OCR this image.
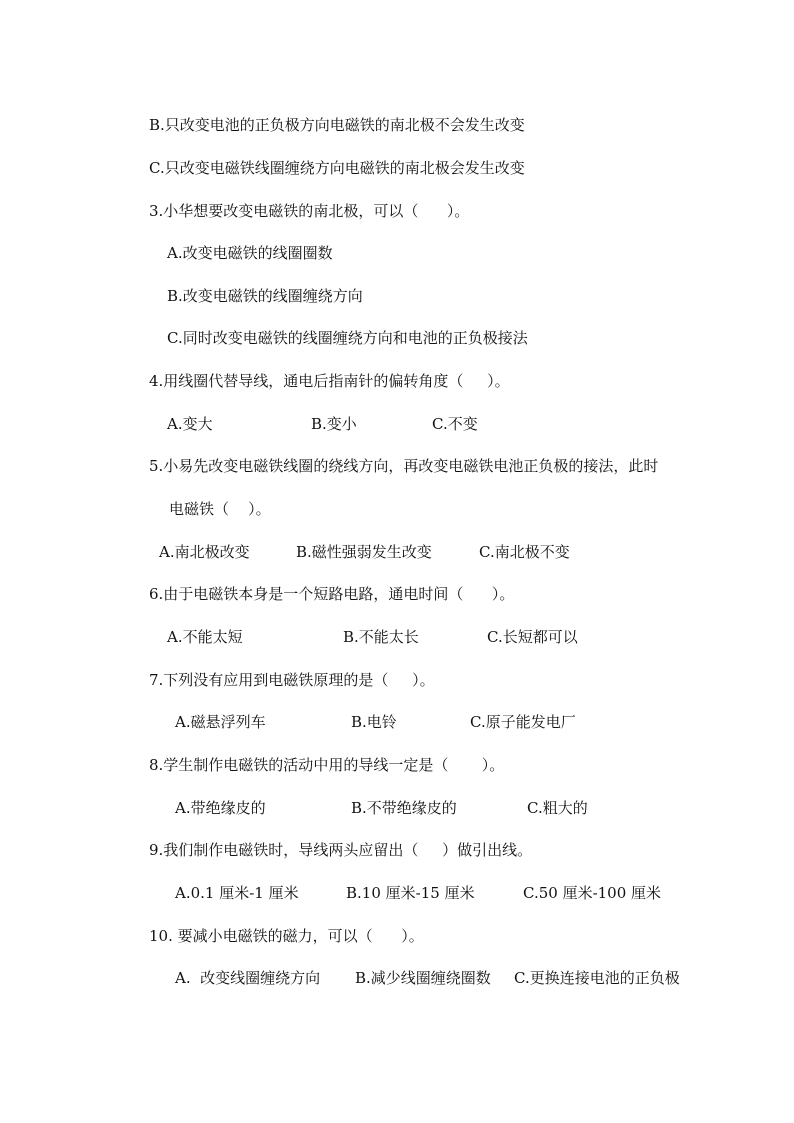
B.只改变电池的正负极方向电磁铁的南北极不会发生改变
C.只改变电磁铁线圈缠绕方向电磁铁的南北极会发生改变
3.小华想要改变电磁铁的南北极，可以（      ）。
A.改变电磁铁的线圈圈数
B.改变电磁铁的线圈缠绕方向
C.同时改变电磁铁的线圈缠绕方向和电池的正负极接法
4.用线圈代替导线，通电后指南针的偏转角度（     ）。
A.变大	B.变小	C.不变
5.小易先改变电磁铁线圈的绕线方向，再改变电磁铁电池正负极的接法，此时
电磁铁（    ）。
A.南北极改变	B.磁性强弱发生改变	C.南北极不变
6.由于电磁铁本身是一个短路电路，通电时间（      ）。
A.不能太短	B.不能太长	C.长短都可以
7.下列没有应用到电磁铁原理的是（     ）。
A.磁悬浮列车	B.电铃	C.原子能发电厂
8.学生制作电磁铁的活动中用的导线一定是（       ）。
A.带绝缘皮的	B.不带绝缘皮的	C.粗大的
9.我们制作电磁铁时，导线两头应留出（     ）做引出线。
A.0.1 厘米-1 厘米	B.10 厘米-15 厘米	C.50 厘米-100 厘米
10. 要减小电磁铁的磁力，可以（      ）。
A.  改变线圈缠绕方向 B.减少线圈缠绕圈数 C.更换连接电池的正负极
